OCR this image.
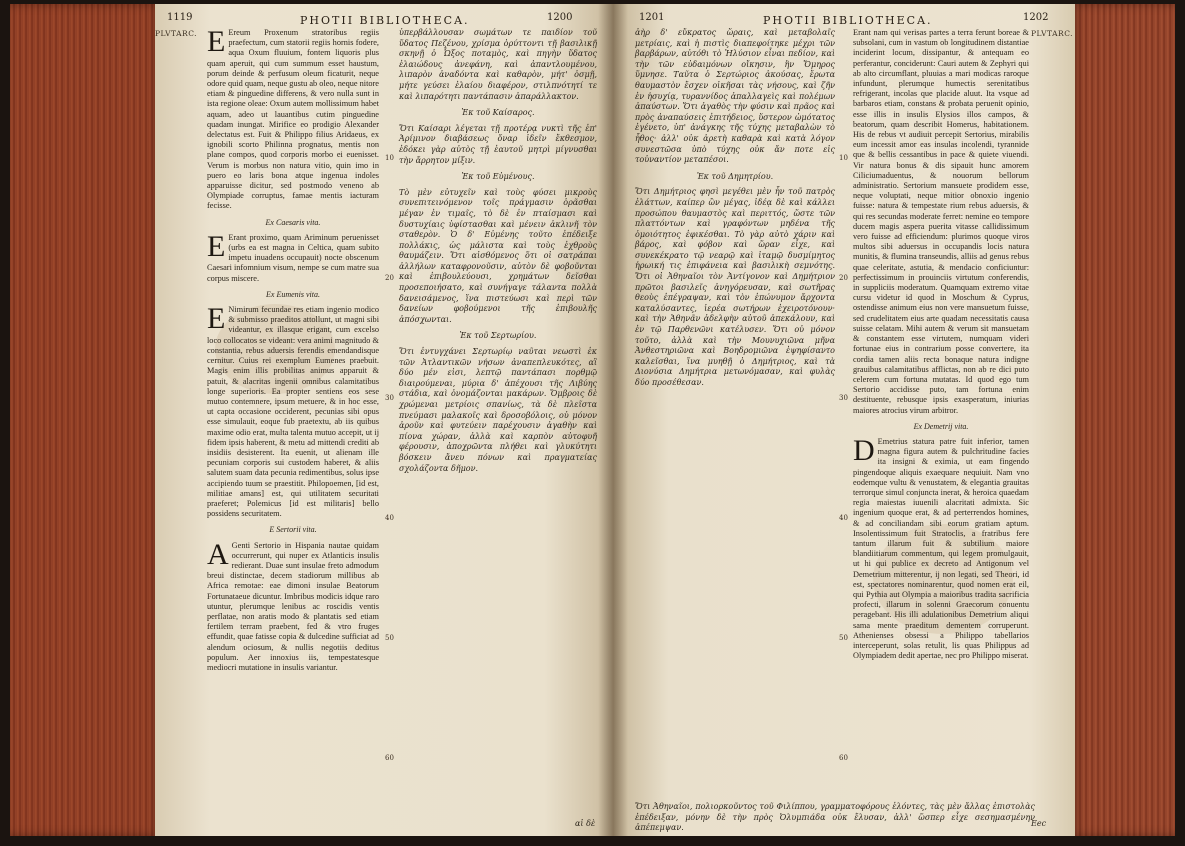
1119	PHOTII BIBLIOTHECA.	1200
PLVTARC. E Ereum Proxenum stratoribus regiis praefectum, cum statorii regiis hornis fodere, aqua Oxum fluuium, fontem liquoris plus quam aperuit, qui cum summum esset haustum, porum deinde & perfusum oleum ficaturit, neque odore quid quam, neque gustu ab oleo, neque nitore etiam & pinguedine differens, & vero nulla sunt in ista regione oleae: Oxum autem mollissimum habet aquam, adeo ut lauantibus cutim pinguedine quadam inungat. Mirifice eo prodigio Alexander delectatus est. Fuit & Philippo filius Aridaeus, ex ignobili scorto Philinna prognatus, mentis non plane compos, quod corporis morbo ei euenisset. Verum is morbus non natura vitio, quin imo in puero eo laris bona atque ingenua indoles apparuisse dicitur, sed postmodo veneno ab Olympiade corruptus, famae mentis iacturam fecisse.

Ex Caesaris vita.

E Erant proximo, quam Ariminum peruenisset (urbs ea est magna in Celtica, quam subito impetu inuadens occupauit) nocte obscenum Caesari infomnium visum, nempe se cum matre sua corpus miscere.

Ex Eumenis vita.

E Nimirum fecundae res etiam ingenio modico & submisso praeditos attollunt, ut magni sibi videantur, ex illasque erigant, cum excelso loco collocatos se videant: vera animi magnitudo & constantia, rebus aduersis ferendis emendandisque cernitur. Cuius rei exemplum Eumenes praebuit. Magis enim illis probilitas animus apparuit & patuit, & alacritas ingenii omnibus calamitatibus longe superioris. Ea propter sentiens eos sese mutuo contemnere, ipsum metuere, & in hoc esse, ut capta occasione occiderent, pecunias sibi opus esse simulauit, eoque fub praetextu, ab iis quibus maxime odio erat, multa talenta mutuo accepit, ut ij fidem ipsis haberent, & metu ad mittendi crediti ab insidiis desisterent. Ita euenit, ut alienam ille pecuniam corporis sui custodem haberet, & aliis salutem suam data pecunia redimentibus, solus ipse accipiendo tuum se praestitit. Philopoemen, [id est, militiae amans] est, qui utilitatem securitati praeferet; Polemicus [id est militaris] bello possidens securitatem.

E Sertorii vita.

A Genti Sertorio in Hispania nautae quidam occurrerunt, qui nuper ex Atlanticis insulis redierant. Duae sunt insulae freto admodum breui distinctae, decem stadiorum millibus ab Africa remotae: eae dimoni insulae Beatorum Fortunataeue dicuntur. Imbribus modicis idque raro utuntur, plerumque lenibus ac roscidis ventis perflatae, non aratis modo & plantatis sed etiam fertilem terram praebent, fed & vtro fruges effundit, quae fatisse copia & dulcedine sufficiat ad alendum ociosum, & nullis negotiis deditus populum. Aer innoxius iis, tempestatesque mediocri mutatione in insulis variantur.

10
20
30
40
50
60

ὑπερβάλλουσαν σωμάτων τε παιδίον τοῦ ὕδατος Πεζένου, χρίσμα ὀρύττοντι τῇ βασιλικῇ σκηνῇ ὁ Ὦξος ποταμὸς, καὶ πηγὴν ὕδατος ἐλαιώδους ἀνεφάνη, καὶ ἀπαντλουμένου, λιπαρὸν ἀναδόντα καὶ καθαρὸν, μήτ' ὀσμῇ, μήτε γεύσει ἐλαίου διαφέρον, στιλπνότητί τε καὶ λιπαρότητι παντάπασιν ἀπαράλλακτον.

Ἐκ τοῦ Καίσαρος.

Ὅτι Καίσαρι λέγεται τῇ προτέρᾳ νυκτὶ τῆς ἐπ' Ἀρίμινον διαβάσεως ὄναρ ἰδεῖν ἔκθεσμον, ἐδόκει γὰρ αὐτὸς τῇ ἑαυτοῦ μητρὶ μίγνυσθαι τὴν ἄρρητον μίξιν.

Ἐκ τοῦ Εὐμένους.

Τὸ μὲν εὐτυχεῖν καὶ τοὺς φύσει μικροὺς συνεπιτεινόμενον τοῖς πράγμασιν ὁρᾶσθαι μέγαν ἐν τιμαῖς, τὸ δὲ ἐν πταίσμασι καὶ δυστυχίαις ὑφίστασθαι καὶ μένειν ἀκλινῆ τὸν σταθερὸν. Ὁ δ' Εὐμένης τοῦτο ἐπέδειξε πολλάκις, ὡς μάλιστα καὶ τοὺς ἐχθροὺς θαυμάζειν. Ὅτι αἰσθόμενος ὅτι οἱ σατράπαι ἀλλήλων καταφρονοῦσιν, αὐτὸν δὲ φοβοῦνται καὶ ἐπιβουλεύουσι, χρημάτων δεῖσθαι προσεποιήσατο, καὶ συνήγαγε τάλαντα πολλὰ δανεισάμενος, ἵνα πιστεύωσι καὶ περὶ τῶν δανείων φοβούμενοι τῆς ἐπιβουλῆς ἀπόσχωνται.

Ἐκ τοῦ Σερτωρίου.

Ὅτι ἐντυγχάνει Σερτωρίῳ ναῦται νεωστὶ ἐκ τῶν Ἀτλαντικῶν νήσων ἀναπεπλευκότες, αἳ δύο μέν εἰσι, λεπτῷ παντάπασι πορθμῷ διαιρούμεναι, μύρια δ' ἀπέχουσι τῆς Λιβύης στάδια, καὶ ὀνομάζονται μακάρων. Ὄμβροις δὲ χρώμεναι μετρίοις σπανίως, τὰ δὲ πλεῖστα πνεύμασι μαλακοῖς καὶ δροσοβόλοις, οὐ μόνον ἀροῦν καὶ φυτεύειν παρέχουσιν ἀγαθὴν καὶ πίονα χώραν, ἀλλὰ καὶ καρπὸν αὐτοφυῆ φέρουσιν, ἀποχρῶντα πλήθει καὶ γλυκύτητι βόσκειν ἄνευ πόνων καὶ πραγματείας σχολάζοντα δῆμον.

αἱ δὲ
1201	PHOTII BIBLIOTHECA.	1202
PLVTARC.

ἀὴρ δ' εὔκρατος ὥραις, καὶ μεταβολαῖς μετρίαις, καὶ ἡ πιστὶς διαπεφοίτηκε μέχρι τῶν βαρβάρων, αὐτόθι τὸ Ἠλύσιον εἶναι πεδίον, καὶ τὴν τῶν εὐδαιμόνων οἴκησιν, ἣν Ὅμηρος ὕμνησε. Ταῦτα ὁ Σερτώριος ἀκούσας, ἔρωτα θαυμαστὸν ἔσχεν οἰκῆσαι τὰς νήσους, καὶ ζῆν ἐν ἡσυχίᾳ, τυραννίδος ἀπαλλαγεὶς καὶ πολέμων ἀπαύστων. Ὅτι ἀγαθὸς τὴν φύσιν καὶ πρᾶος καὶ πρὸς ἀναπαύσεις ἐπιτήδειος, ὕστερον ὠμότατος ἐγένετο, ὑπ' ἀνάγκης τῆς τύχης μεταβαλὼν τὸ ἦθος· ἀλλ' οὐκ ἀρετὴ καθαρὰ καὶ κατὰ λόγον συνεστῶσα ὑπὸ τύχης οὐκ ἄν ποτε εἰς τοὐναντίον μεταπέσοι.

Ἐκ τοῦ Δημητρίου.

Ὅτι Δημήτριος φησὶ μεγέθει μὲν ἦν τοῦ πατρὸς ἐλάττων, καίπερ ὢν μέγας, ἰδέᾳ δὲ καὶ κάλλει προσώπου θαυμαστὸς καὶ περιττός, ὥστε τῶν πλαττόντων καὶ γραφόντων μηδένα τῆς ὁμοιότητος ἐφικέσθαι. Τὸ γὰρ αὐτὸ χάριν καὶ βάρος, καὶ φόβον καὶ ὥραν εἶχε, καὶ συνεκέκρατο τῷ νεαρῷ καὶ ἰταμῷ δυσμίμητος ἡρωική τις ἐπιφάνεια καὶ βασιλικὴ σεμνότης. Ὅτι οἱ Ἀθηναῖοι τὸν Ἀντίγονον καὶ Δημήτριον πρῶτοι βασιλεῖς ἀνηγόρευσαν, καὶ σωτῆρας θεοὺς ἐπέγραψαν, καὶ τὸν ἐπώνυμον ἄρχοντα καταλύσαντες, ἱερέα σωτήρων ἐχειροτόνουν· καὶ τὴν Ἀθηνᾶν ἀδελφὴν αὐτοῦ ἀπεκάλουν, καὶ ἐν τῷ Παρθενῶνι κατέλυσεν. Ὅτι οὐ μόνον τοῦτο, ἀλλὰ καὶ τὴν Μουνυχιῶνα μῆνα Ἀνθεστηριῶνα καὶ Βοηδρομιῶνα ἐψηφίσαντο καλεῖσθαι, ἵνα μυηθῇ ὁ Δημήτριος, καὶ τὰ Διονύσια Δημήτρια μετωνόμασαν, καὶ φυλὰς δύο προσέθεσαν.

10
20
30
40
50
60

Erant nam qui verisas partes a terra ferunt boreae & subsolani, cum in vastum ob longitudinem distantiae inciderint locum, dissipantur, & antequam eo perferantur, conciderunt: Cauri autem & Zephyri qui ab alto circumflant, pluuias a mari modicas raroque infundunt, plerumque humectis serenitatibus refrigerant, incolas que placide aluut. Ita vsque ad barbaros etiam, constans & probata peruenit opinio, esse illis in insulis Elysios illos campos, & beatorum, quam describit Homerus, habitationem. His de rebus vt audiuit percepit Sertorius, mirabilis eum incessit amor eas insulas incolendi, tyrannide que & bellis cessantibus in pace & quiete viuendi. Vir natura bonus & dis sipauit hunc amorem Ciliciumaduentus, & nouorum bellorum administratio. Sertorium mansuete prodidem esse, neque voluptati, neque mitior obnoxio ingenio fuisse: natura & tempestate rium rebus aduersis, & qui res secundas moderate ferret: nemine eo tempore ducem magis aspera puerita vitasse callidissimum vero fuisse ad efficiendum: plurimos quoque viros multos sibi aduersus in occupandis locis natura munitis, & flumina transeundis, alliis ad genus rebus quae celeritate, astutia, & mendacio conficiuntur: perfectissimum in prouinciis virtutum conferendis, in suppliciis moderatum. Quamquam extremo vitae cursu videtur id quod in Moschum & Cyprus, ostendisse animum eius non vere mansuetum fuisse, sed crudelitatem eius arte quadam necessitatis causa suisse celatam. Mihi autem & verum sit mansuetam & constantem esse virtutem, numquam videri fortunae eius in contrarium posse convertere, ita cordia tamen aliis recta bonaque natura indigne grauibus calamitatibus afflictas, non ab re dici puto celerem cum fortuna mutatas. Id quod ego tum Sertorio accidisse puto, tam fortuna enim destituente, rebusque ipsis exasperatum, iniurias maiores atrocius virum arbitror.

Ex Demetrij vita.

D Emetrius statura patre fuit inferior, tamen magna figura autem & pulchritudine facies ita insigni & eximia, ut eam fingendo pingendoque aliquis exaequare nequiuit. Nam vno eodemque vultu & venustatem, & elegantia grauitas terrorque simul conjuncta inerat, & heroica quaedam regia maiestas iuuenili alacritati admixta. Sic ingenium quoque erat, & ad perterrendos homines, & ad conciliandam sibi eorum gratiam aptum. Insolentissimum fuit Stratoclis, a fratribus fere tantum illarum fuit & subtilium maiore blandiitiarum commentum, qui legem promulgauit, ut hi qui publice ex decreto ad Antigonum vel Demetrium mitterentur, ij non legati, sed Theori, id est, spectatores nominarentur, quod nomen erat eil, qui Pythia aut Olympia a maioribus tradita sacrificia profecti, illarum in solenni Graecorum conuentu peragebant. His illi adulationibus Demetrium aliqui sama mente praeditum dementem corruperunt. Athenienses obsessi a Philippo tabellarios interceperunt, solas retulit, lis quas Philippus ad Olympiadem dedit apertae, nec pro Philippo miserat.

Ὅτι Ἀθηναῖοι, πολιορκοῦντος τοῦ Φιλίππου, γραμματοφόρους ἑλόντες, τὰς μὲν ἄλλας ἐπιστολὰς ἐπέδειξαν, μόνην δὲ τὴν πρὸς Ὀλυμπιάδα οὐκ ἔλυσαν, ἀλλ' ὥσπερ εἶχε σεσημασμένην ἀπέπεμψαν.	Eec
